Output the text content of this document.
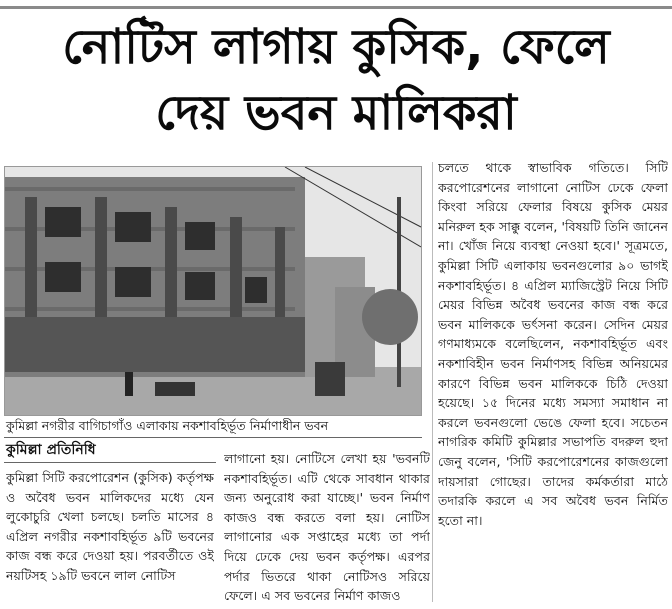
নোটিস লাগায় কুসিক, ফেলে
দেয় ভবন মালিকরা
কুমিল্লা নগরীর বাগিচাগাঁও এলাকায় নকশাবহির্ভূত নির্মাণাধীন ভবন
কুমিল্লা প্রতিনিধি

কুমিল্লা সিটি করপোরেশন (কুসিক) কর্তৃপক্ষ ও অবৈধ ভবন মালিকদের মধ্যে যেন লুকোচুরি খেলা চলছে। চলতি মাসের ৪ এপ্রিল নগরীর নকশাবহির্ভূত ৯টি ভবনের কাজ বন্ধ করে দেওয়া হয়। পরবর্তীতে ওই নয়টিসহ ১৯টি ভবনে লাল নোটিস

লাগানো হয়। নোটিসে লেখা হয় 'ভবনটি নকশাবহির্ভূত। এটি থেকে সাবধান থাকার জন্য অনুরোধ করা যাচ্ছে।' ভবন নির্মাণ কাজও বন্ধ করতে বলা হয়। নোটিস লাগানোর এক সপ্তাহের মধ্যে তা পর্দা দিয়ে ঢেকে দেয় ভবন কর্তৃপক্ষ। এরপর পর্দার ভিতরে থাকা নোটিসও সরিয়ে ফেলে। এ সব ভবনের নির্মাণ কাজও

চলতে থাকে স্বাভাবিক গতিতে। সিটি করপোরেশনের লাগানো নোটিস ঢেকে ফেলা কিংবা সরিয়ে ফেলার বিষয়ে কুসিক মেয়র মনিরুল হক সাক্কু বলেন, 'বিষয়টি তিনি জানেন না। খোঁজ নিয়ে ব্যবস্থা নেওয়া হবে।' সূত্রমতে, কুমিল্লা সিটি এলাকায় ভবনগুলোর ৯০ ভাগই নকশাবহির্ভূত। ৪ এপ্রিল ম্যাজিস্ট্রেট নিয়ে সিটি মেয়র বিভিন্ন অবৈধ ভবনের কাজ বন্ধ করে ভবন মালিককে ভর্ৎসনা করেন। সেদিন মেয়র গণমাধ্যমকে বলেছিলেন, নকশাবহির্ভূত এবং নকশাবিহীন ভবন নির্মাণসহ বিভিন্ন অনিয়মের কারণে বিভিন্ন ভবন মালিককে চিঠি দেওয়া হয়েছে। ১৫ দিনের মধ্যে সমস্যা সমাধান না করলে ভবনগুলো ভেঙে ফেলা হবে। সচেতন নাগরিক কমিটি কুমিল্লার সভাপতি বদরুল হুদা জেনু বলেন, 'সিটি করপোরেশনের কাজগুলো দায়সারা গোছের। তাদের কর্মকর্তারা মাঠে তদারকি করলে এ সব অবৈধ ভবন নির্মিত হতো না।
